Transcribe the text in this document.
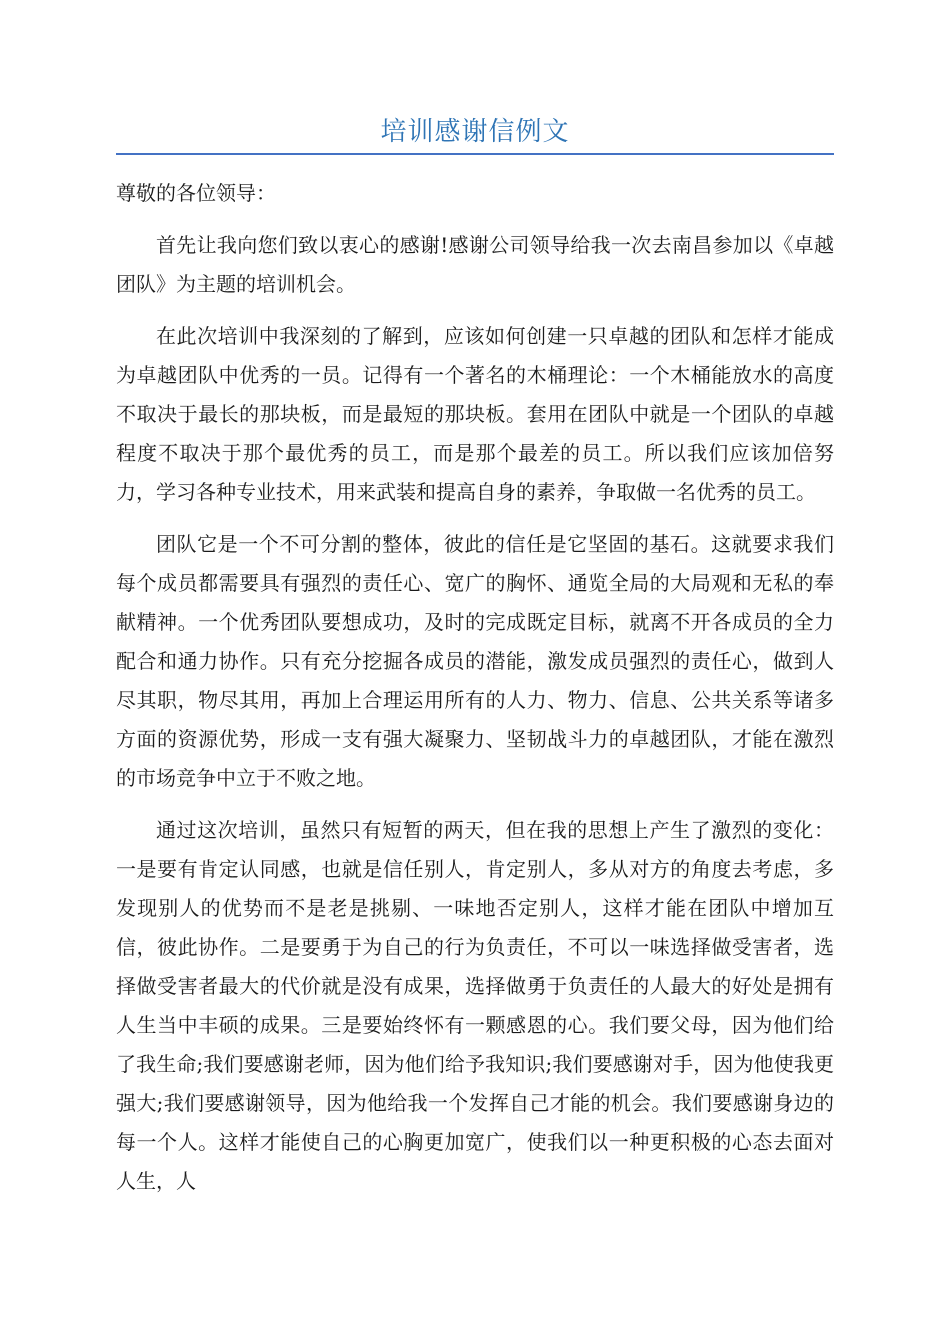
培训感谢信例文

尊敬的各位领导：

首先让我向您们致以衷心的感谢!感谢公司领导给我一次去南昌参加以《卓越团队》为主题的培训机会。

在此次培训中我深刻的了解到，应该如何创建一只卓越的团队和怎样才能成为卓越团队中优秀的一员。记得有一个著名的木桶理论：一个木桶能放水的高度不取决于最长的那块板，而是最短的那块板。套用在团队中就是一个团队的卓越程度不取决于那个最优秀的员工，而是那个最差的员工。所以我们应该加倍努力，学习各种专业技术，用来武装和提高自身的素养，争取做一名优秀的员工。

团队它是一个不可分割的整体，彼此的信任是它坚固的基石。这就要求我们每个成员都需要具有强烈的责任心、宽广的胸怀、通览全局的大局观和无私的奉献精神。一个优秀团队要想成功，及时的完成既定目标，就离不开各成员的全力配合和通力协作。只有充分挖掘各成员的潜能，激发成员强烈的责任心，做到人尽其职，物尽其用，再加上合理运用所有的人力、物力、信息、公共关系等诸多方面的资源优势，形成一支有强大凝聚力、坚韧战斗力的卓越团队，才能在激烈的市场竞争中立于不败之地。

通过这次培训，虽然只有短暂的两天，但在我的思想上产生了激烈的变化：一是要有肯定认同感，也就是信任别人，肯定别人，多从对方的角度去考虑，多发现别人的优势而不是老是挑剔、一味地否定别人，这样才能在团队中增加互信，彼此协作。二是要勇于为自己的行为负责任，不可以一味选择做受害者，选择做受害者最大的代价就是没有成果，选择做勇于负责任的人最大的好处是拥有人生当中丰硕的成果。三是要始终怀有一颗感恩的心。我们要父母，因为他们给了我生命;我们要感谢老师，因为他们给予我知识;我们要感谢对手，因为他使我更强大;我们要感谢领导，因为他给我一个发挥自己才能的机会。我们要感谢身边的每一个人。这样才能使自己的心胸更加宽广，使我们以一种更积极的心态去面对人生，人
